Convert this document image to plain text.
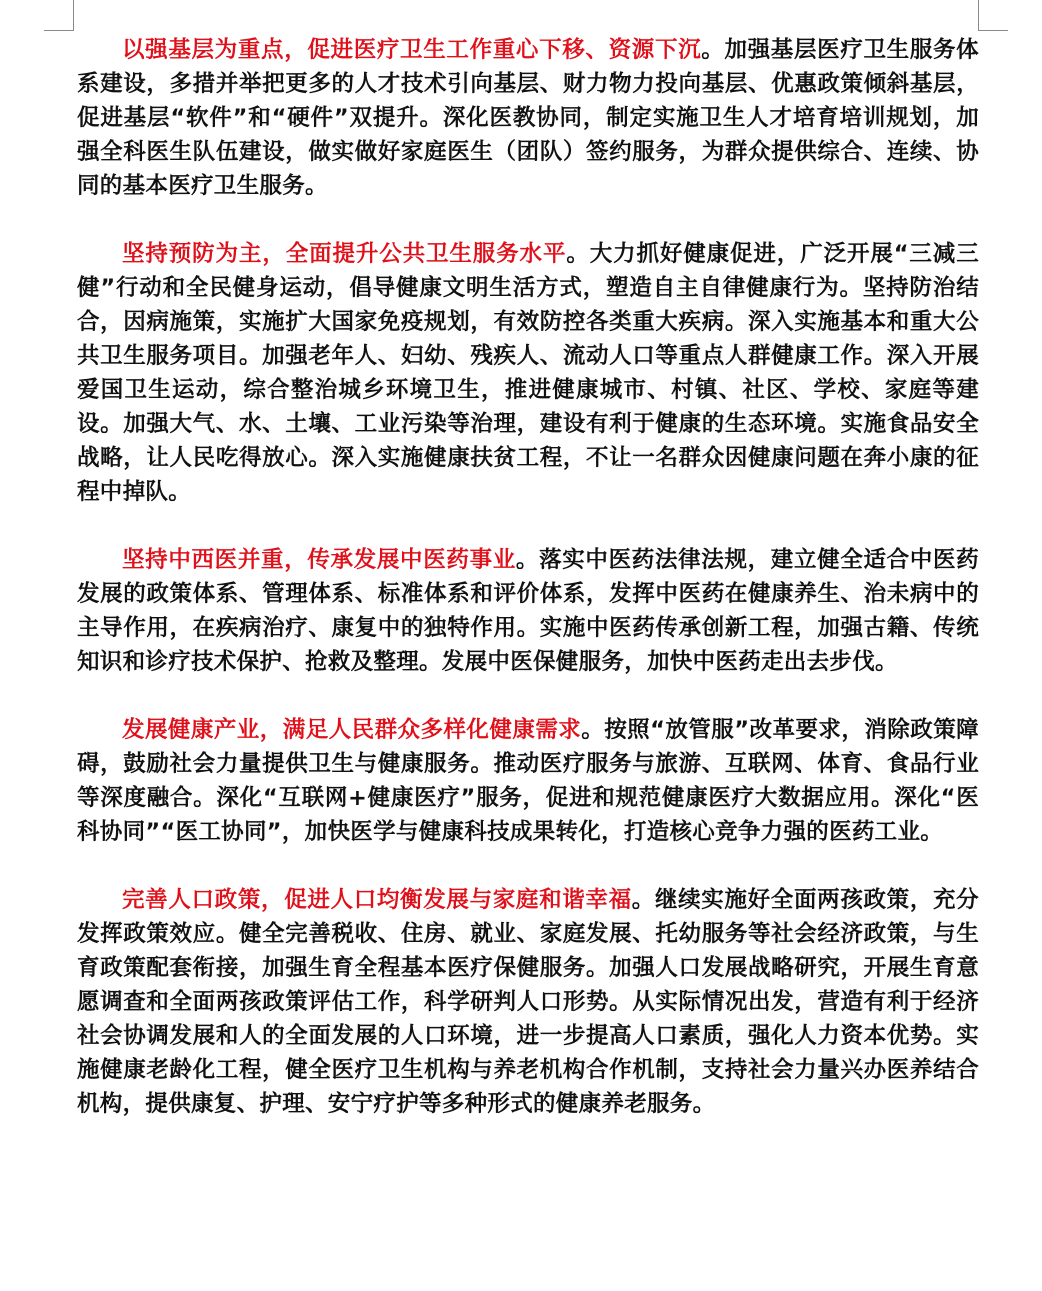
以强基层为重点，促进医疗卫生工作重心下移、资源下沉。加强基层医疗卫生服务体系建设，多措并举把更多的人才技术引向基层、财力物力投向基层、优惠政策倾斜基层，促进基层“软件”和“硬件”双提升。深化医教协同，制定实施卫生人才培育培训规划，加强全科医生队伍建设，做实做好家庭医生（团队）签约服务，为群众提供综合、连续、协同的基本医疗卫生服务。

坚持预防为主，全面提升公共卫生服务水平。大力抓好健康促进，广泛开展“三减三健”行动和全民健身运动，倡导健康文明生活方式，塑造自主自律健康行为。坚持防治结合，因病施策，实施扩大国家免疫规划，有效防控各类重大疾病。深入实施基本和重大公共卫生服务项目。加强老年人、妇幼、残疾人、流动人口等重点人群健康工作。深入开展爱国卫生运动，综合整治城乡环境卫生，推进健康城市、村镇、社区、学校、家庭等建设。加强大气、水、土壤、工业污染等治理，建设有利于健康的生态环境。实施食品安全战略，让人民吃得放心。深入实施健康扶贫工程，不让一名群众因健康问题在奔小康的征程中掉队。

坚持中西医并重，传承发展中医药事业。落实中医药法律法规，建立健全适合中医药发展的政策体系、管理体系、标准体系和评价体系，发挥中医药在健康养生、治未病中的主导作用，在疾病治疗、康复中的独特作用。实施中医药传承创新工程，加强古籍、传统知识和诊疗技术保护、抢救及整理。发展中医保健服务，加快中医药走出去步伐。

发展健康产业，满足人民群众多样化健康需求。按照“放管服”改革要求，消除政策障碍，鼓励社会力量提供卫生与健康服务。推动医疗服务与旅游、互联网、体育、食品行业等深度融合。深化“互联网+健康医疗”服务，促进和规范健康医疗大数据应用。深化“医科协同”“医工协同”，加快医学与健康科技成果转化，打造核心竞争力强的医药工业。

完善人口政策，促进人口均衡发展与家庭和谐幸福。继续实施好全面两孩政策，充分发挥政策效应。健全完善税收、住房、就业、家庭发展、托幼服务等社会经济政策，与生育政策配套衔接，加强生育全程基本医疗保健服务。加强人口发展战略研究，开展生育意愿调查和全面两孩政策评估工作，科学研判人口形势。从实际情况出发，营造有利于经济社会协调发展和人的全面发展的人口环境，进一步提高人口素质，强化人力资本优势。实施健康老龄化工程，健全医疗卫生机构与养老机构合作机制，支持社会力量兴办医养结合机构，提供康复、护理、安宁疗护等多种形式的健康养老服务。
